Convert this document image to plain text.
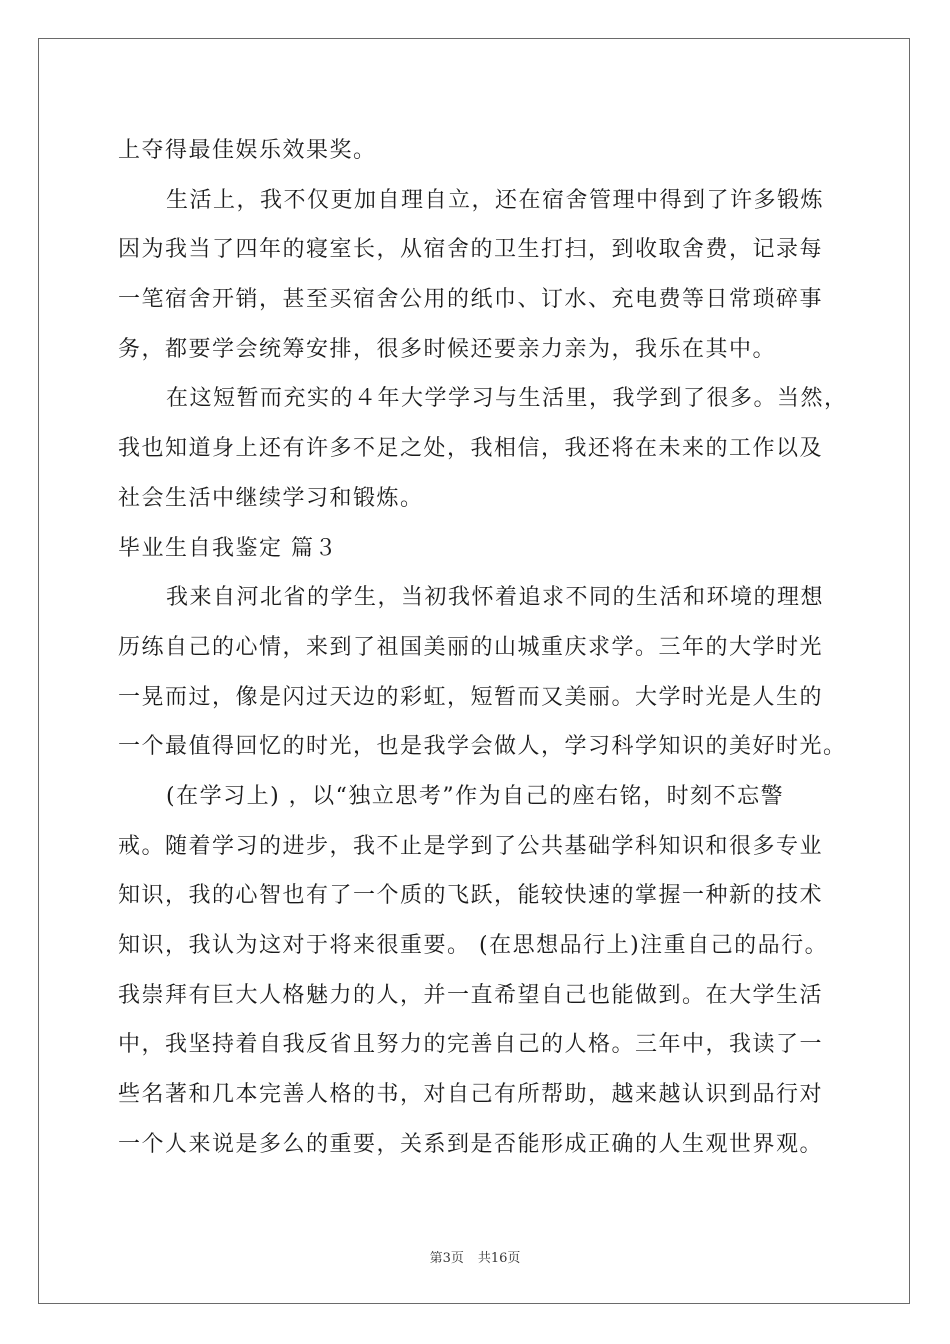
上夺得最佳娱乐效果奖。
生活上，我不仅更加自理自立，还在宿舍管理中得到了许多锻炼
因为我当了四年的寝室长，从宿舍的卫生打扫，到收取舍费，记录每
一笔宿舍开销，甚至买宿舍公用的纸巾、订水、充电费等日常琐碎事
务，都要学会统筹安排，很多时候还要亲力亲为，我乐在其中。
在这短暂而充实的４年大学学习与生活里，我学到了很多。当然，
我也知道身上还有许多不足之处，我相信，我还将在未来的工作以及
社会生活中继续学习和锻炼。
毕业生自我鉴定 篇３
我来自河北省的学生，当初我怀着追求不同的生活和环境的理想
历练自己的心情，来到了祖国美丽的山城重庆求学。三年的大学时光
一晃而过，像是闪过天边的彩虹，短暂而又美丽。大学时光是人生的
一个最值得回忆的时光，也是我学会做人，学习科学知识的美好时光。
(在学习上) ，以“独立思考”作为自己的座右铭，时刻不忘警
戒。随着学习的进步，我不止是学到了公共基础学科知识和很多专业
知识，我的心智也有了一个质的飞跃，能较快速的掌握一种新的技术
知识，我认为这对于将来很重要。 (在思想品行上)注重自己的品行。
我崇拜有巨大人格魅力的人，并一直希望自己也能做到。在大学生活
中，我坚持着自我反省且努力的完善自己的人格。三年中，我读了一
些名著和几本完善人格的书，对自己有所帮助，越来越认识到品行对
一个人来说是多么的重要，关系到是否能形成正确的人生观世界观。
第3页 共16页
